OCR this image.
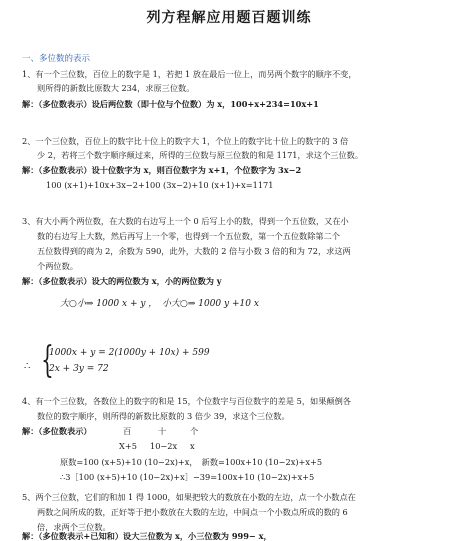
列方程解应用题百题训练
一、多位数的表示
1、有一个三位数，百位上的数字是 1，若把 1 放在最后一位上，而另两个数字的顺序不变，
则所得的新数比原数大 234，求原三位数。
解：（多位数表示）设后两位数（即十位与个位数）为 x，100+x+234=10x+1
2、一个三位数，百位上的数字比十位上的数字大 1，个位上的数字比十位上的数字的 3 倍
少 2，若将三个数字顺序颠过来，所得的三位数与原三位数的和是 1171，求这个三位数。
解：（多位数表示）设十位数字为 x，则百位数字为 x+1，个位数字为 3x−2
100 (x+1)+10x+3x−2+100 (3x−2)+10 (x+1)+x=1171
3、有大小两个两位数，在大数的右边写上一个 0 后写上小的数，得到一个五位数，又在小
数的右边写上大数，然后再写上一个零，也得到一个五位数，第一个五位数除第二个
五位数得到的商为 2，余数为 590，此外，大数的 2 倍与小数 3 倍的和为 72，求这两
个两位数。
解：（多位数表示）设大的两位数为 x，小的两位数为 y
大○小⇒ 1000 x + y ， 小大○⇒ 1000 y +10 x
∴ {
1000x + y = 2(1000y + 10x) + 599
2x + 3y = 72
4、有一个三位数，各数位上的数字的和是 15，个位数字与百位数字的差是 5，如果颠倒各
数位的数字顺序，则所得的新数比原数的 3 倍少 39，求这个三位数。
解：（多位数表示）	百	十	个
X+5 10−2x x
原数=100 (x+5)+10 (10−2x)+x，　新数=100x+10 (10−2x)+x+5
∴3［100 (x+5)+10 (10−2x)+x］−39=100x+10 (10−2x)+x+5
5、两个三位数，它们的和加 1 得 1000，如果把较大的数放在小数的左边，点一个小数点在
两数之间所成的数，正好等于把小数放在大数的左边，中间点一个小数点所成的数的 6
倍，求两个三位数。
解：（多位数表示+已知和）设大三位数为 x，小三位数为 999− x，
